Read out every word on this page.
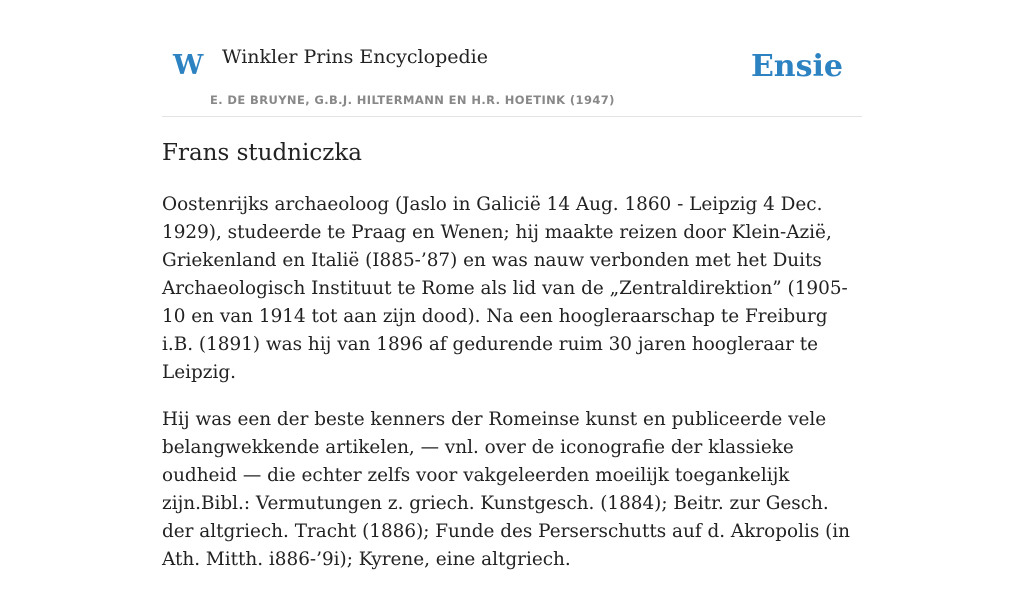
W Winkler Prins Encyclopedie
E. DE BRUYNE, G.B.J. HILTERMANN EN H.R. HOETINK (1947)
Ensie
Frans studniczka

Oostenrijks archaeoloog (Jaslo in Galicië 14 Aug. 1860 - Leipzig 4 Dec. 1929), studeerde te Praag en Wenen; hij maakte reizen door Klein-Azië, Griekenland en Italië (I885-’87) en was nauw verbonden met het Duits Archaeologisch Instituut te Rome als lid van de „Zentraldirektion” (1905-10 en van 1914 tot aan zijn dood). Na een hoogleraarschap te Freiburg i.B. (1891) was hij van 1896 af gedurende ruim 30 jaren hoogleraar te Leipzig.

Hij was een der beste kenners der Romeinse kunst en publiceerde vele belangwekkende artikelen, — vnl. over de iconografie der klassieke oudheid — die echter zelfs voor vakgeleerden moeilijk toegankelijk zijn.Bibl.: Vermutungen z. griech. Kunstgesch. (1884); Beitr. zur Gesch. der altgriech. Tracht (1886); Funde des Perserschutts auf d. Akropolis (in Ath. Mitth. i886-’9i); Kyrene, eine altgriech.
